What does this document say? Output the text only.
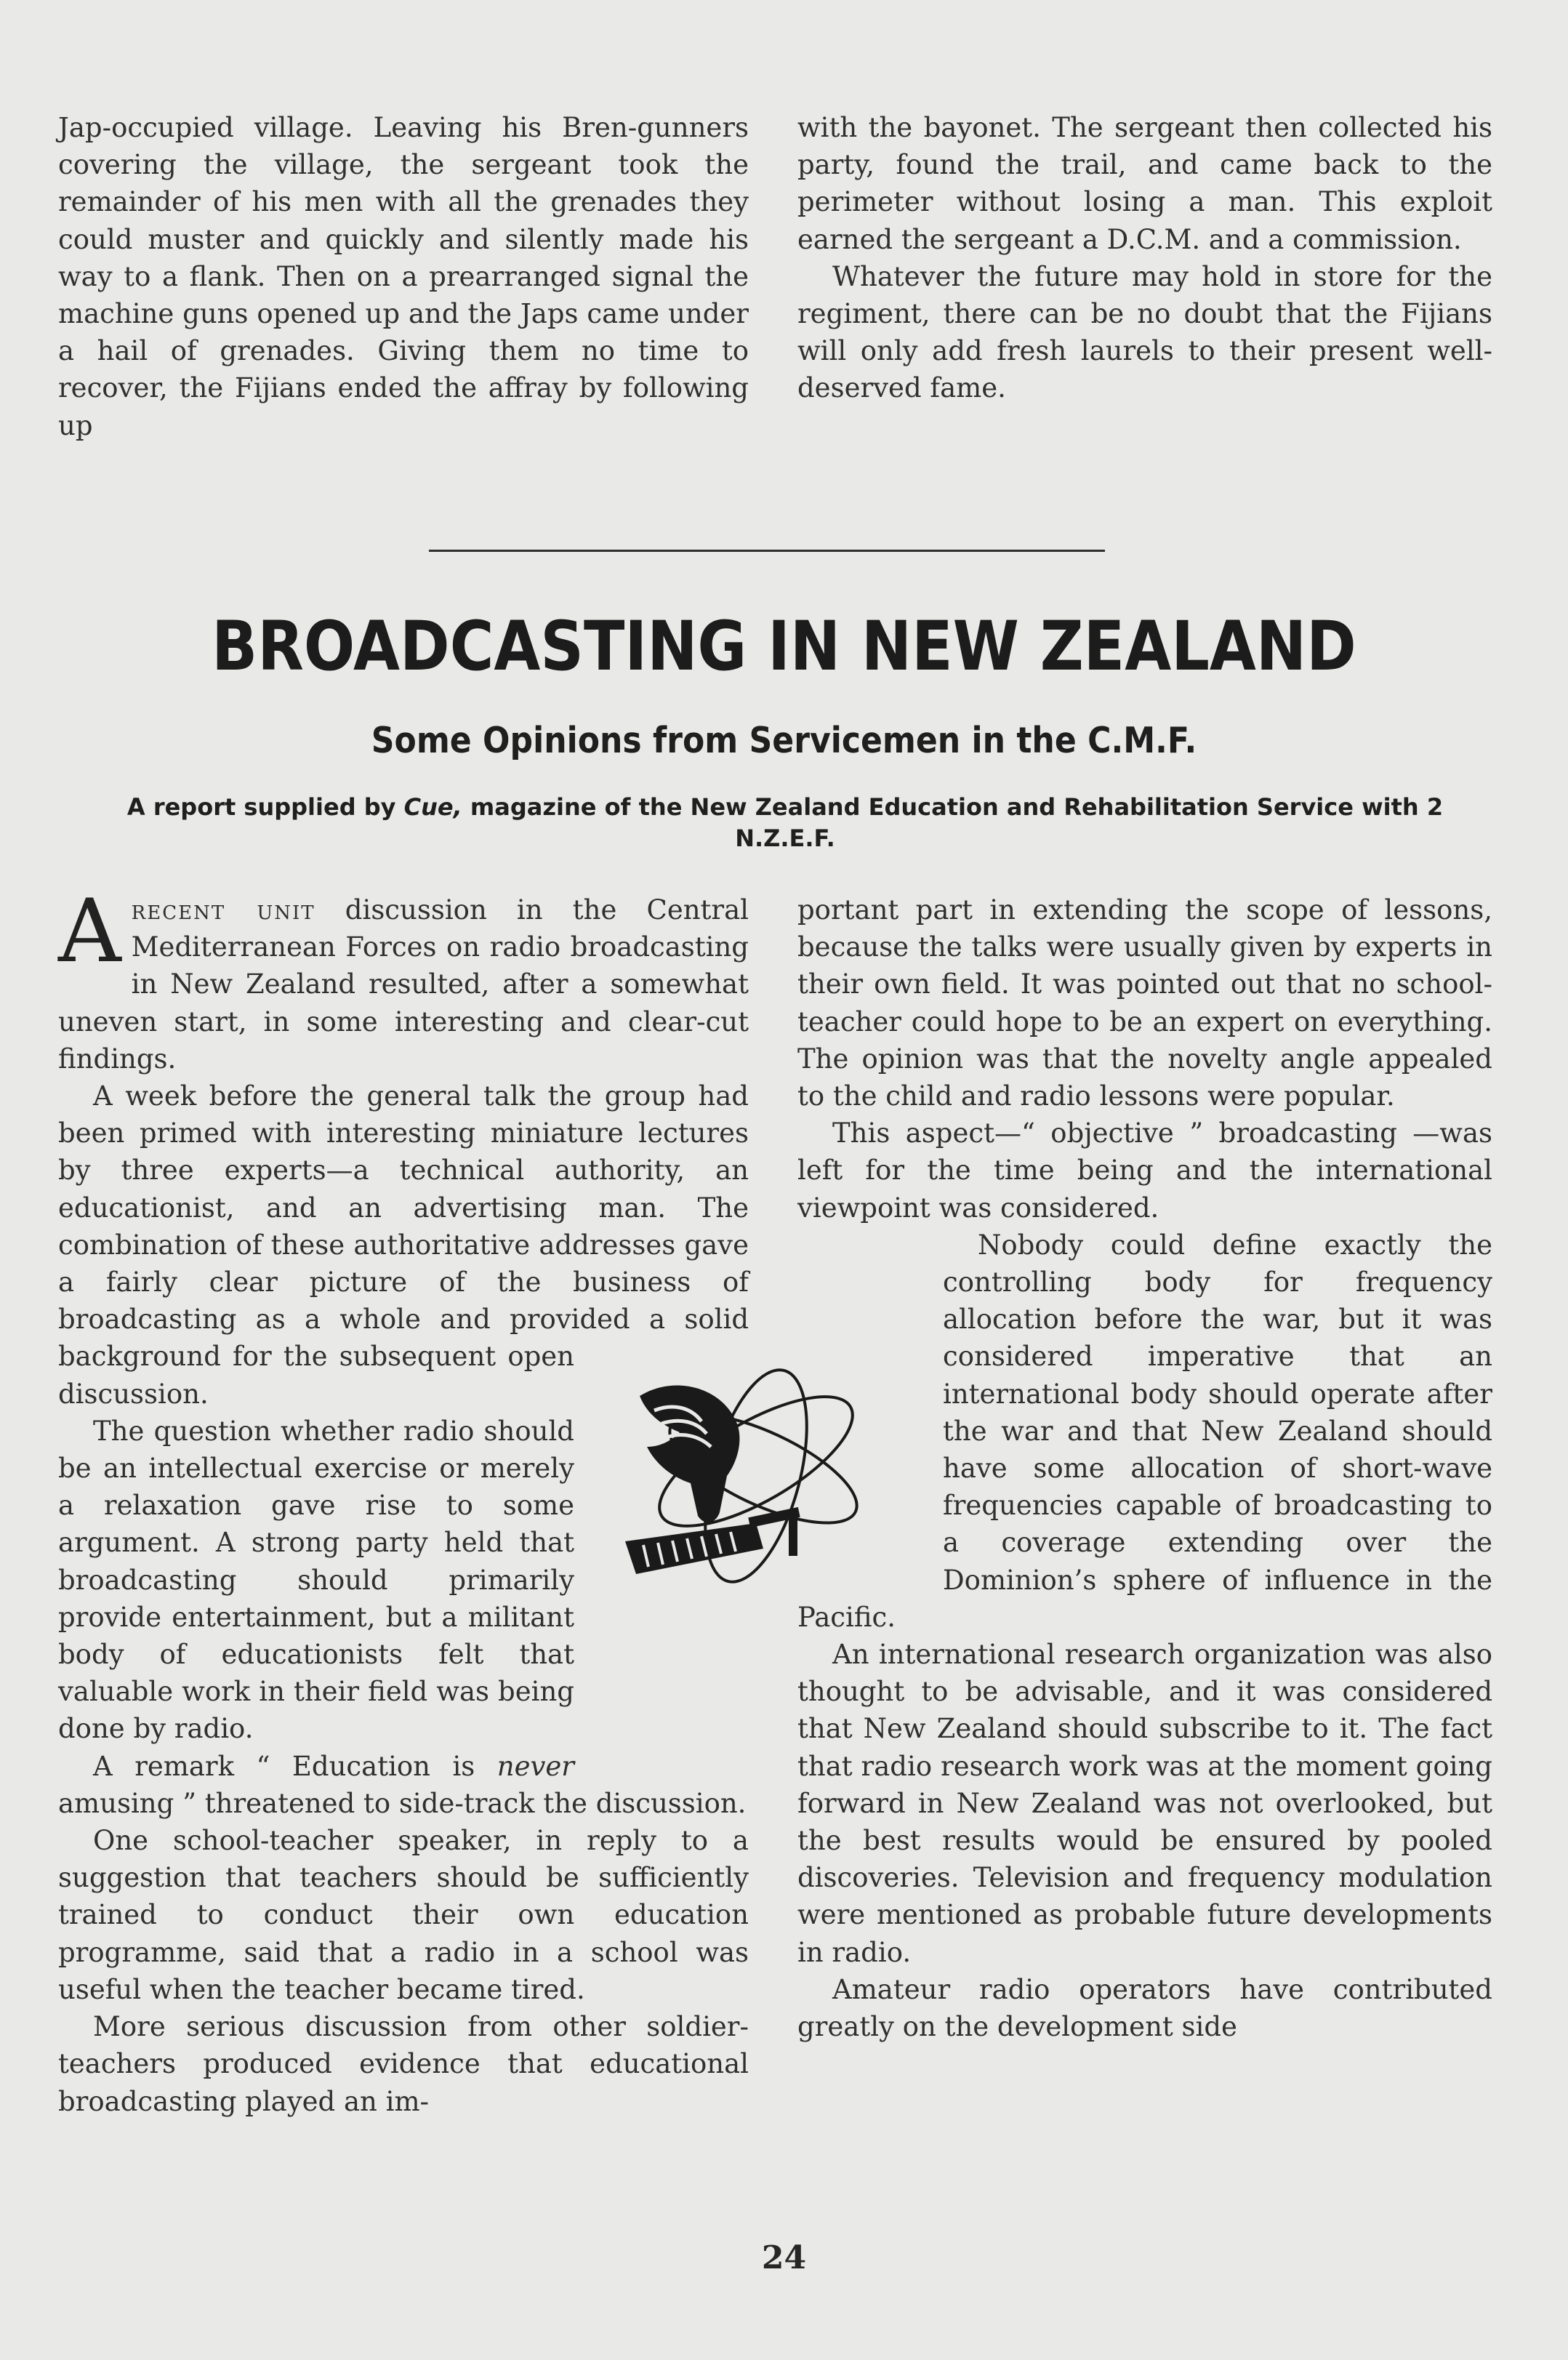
Jap-occupied village. Leaving his Bren-gunners covering the village, the sergeant took the remainder of his men with all the grenades they could muster and quickly and silently made his way to a flank. Then on a prearranged signal the machine guns opened up and the Japs came under a hail of grenades. Giving them no time to recover, the Fijians ended the affray by following up

with the bayonet. The sergeant then collected his party, found the trail, and came back to the perimeter without losing a man. This exploit earned the sergeant a D.C.M. and a commission.

Whatever the future may hold in store for the regiment, there can be no doubt that the Fijians will only add fresh laurels to their present well-deserved fame.

BROADCASTING IN NEW ZEALAND
Some Opinions from Servicemen in the C.M.F.
A report supplied by Cue, magazine of the New Zealand Education and Rehabilitation Service with 2 N.Z.E.F.

Arecent unit discussion in the Central Mediterranean Forces on radio broadcasting in New Zealand resulted, after a somewhat uneven start, in some interesting and clear-cut findings.

A week before the general talk the group had been primed with interesting miniature lectures by three experts—a technical authority, an educationist, and an advertising man. The combination of these authoritative addresses gave a fairly clear picture of the business of broadcasting as a whole and provided a solid background for the subsequent open discussion.

The question whether radio should be an intellectual exercise or merely a relaxation gave rise to some argument. A strong party held that broadcasting should primarily provide entertainment, but a militant body of educationists felt that valuable work in their field was being done by radio.

A remark “ Education is never amusing ” threatened to side-track the discussion.

One school-teacher speaker, in reply to a suggestion that teachers should be sufficiently trained to conduct their own education programme, said that a radio in a school was useful when the teacher became tired.

More serious discussion from other soldier-teachers produced evidence that educational broadcasting played an im-

portant part in extending the scope of lessons, because the talks were usually given by experts in their own field. It was pointed out that no school-teacher could hope to be an expert on everything. The opinion was that the novelty angle appealed to the child and radio lessons were popular.

This aspect—“ objective ” broadcasting —was left for the time being and the international viewpoint was considered.

Nobody could define exactly the controlling body for frequency allocation before the war, but it was considered imperative that an international body should operate after the war and that New Zealand should have some allocation of short-wave frequencies capable of broadcasting to a coverage extending over the Dominion’s sphere of influence in the Pacific.

An international research organization was also thought to be advisable, and it was considered that New Zealand should subscribe to it. The fact that radio research work was at the moment going forward in New Zealand was not overlooked, but the best results would be ensured by pooled discoveries. Television and frequency modulation were mentioned as probable future developments in radio.

Amateur radio operators have contributed greatly on the development side

24
